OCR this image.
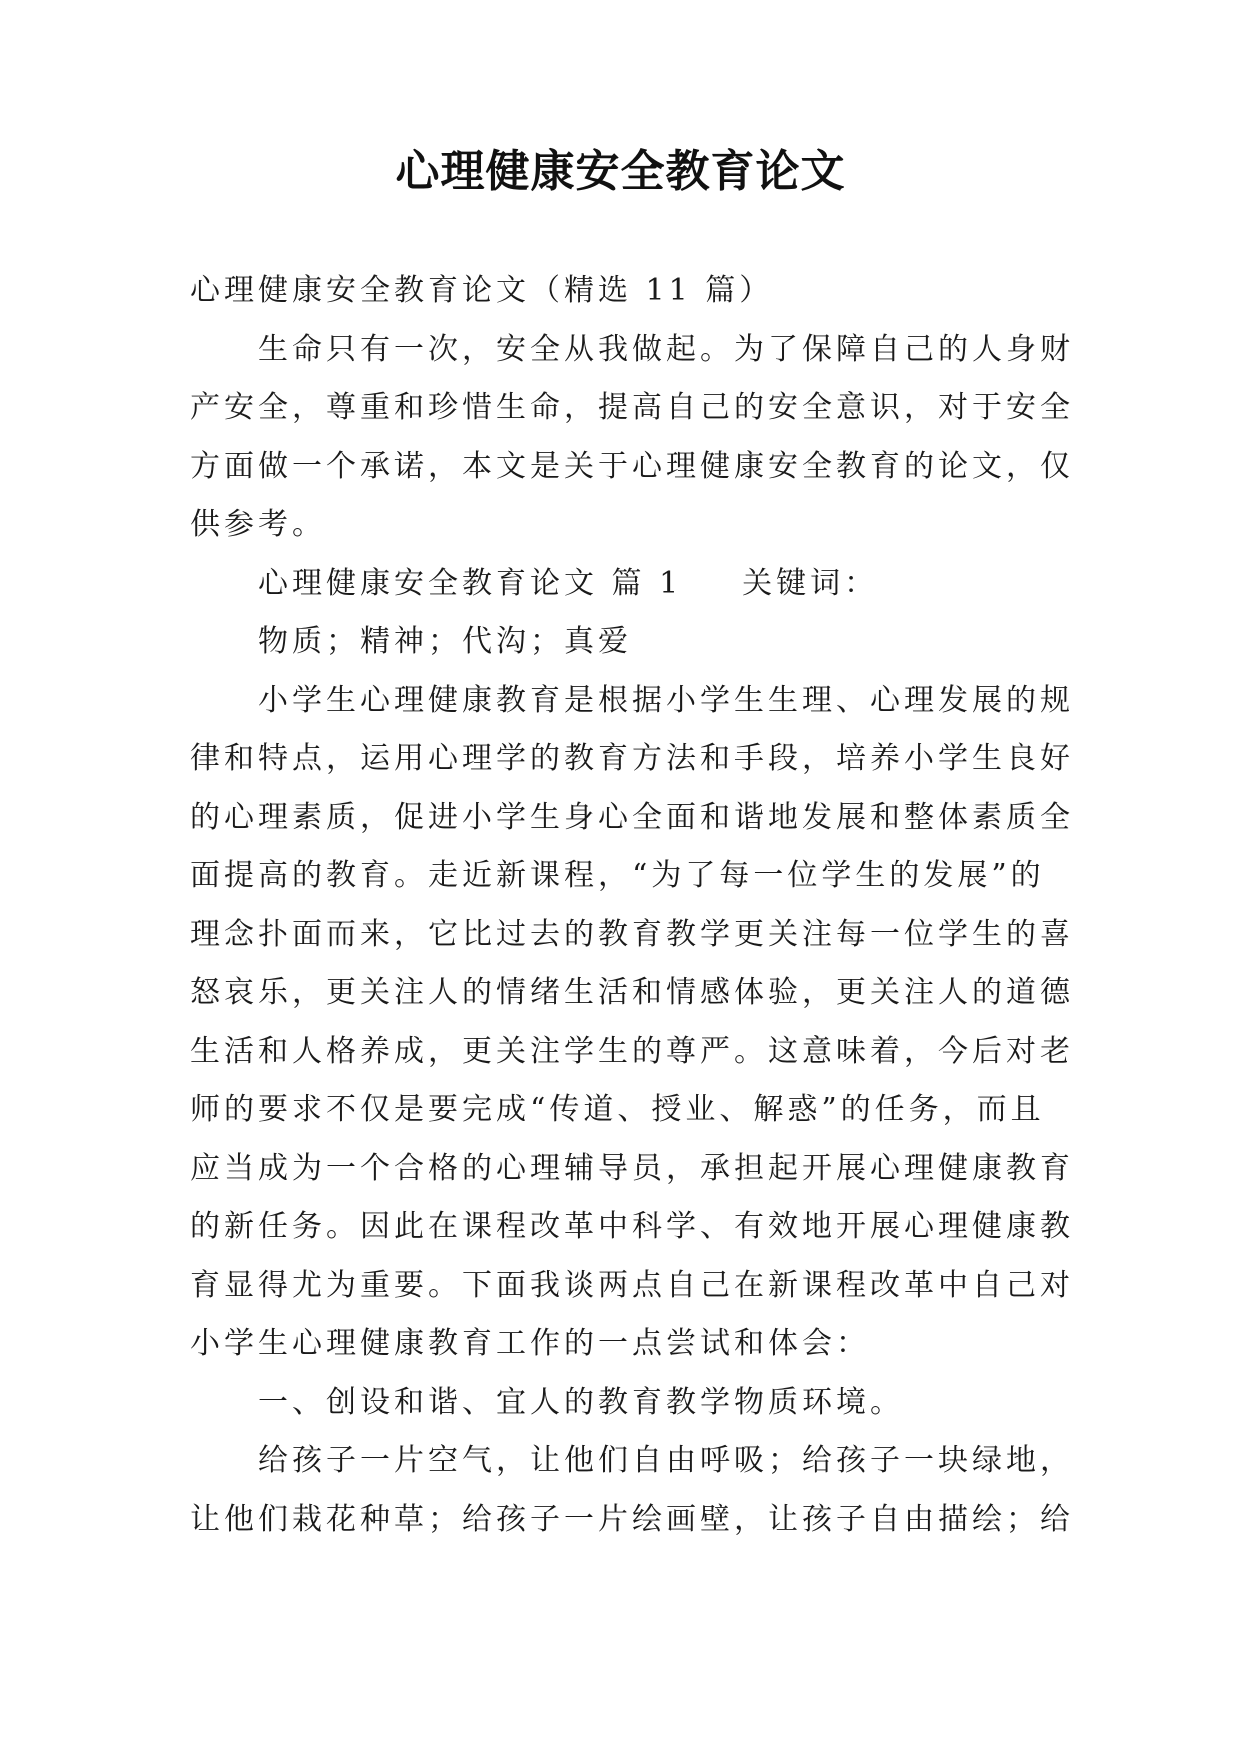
心理健康安全教育论文
心理健康安全教育论文（精选 11 篇）
生命只有一次，安全从我做起。为了保障自己的人身财
产安全，尊重和珍惜生命，提高自己的安全意识，对于安全
方面做一个承诺，本文是关于心理健康安全教育的论文，仅
供参考。
心理健康安全教育论文 篇 1 关键词：
物质；精神；代沟；真爱
小学生心理健康教育是根据小学生生理、心理发展的规
律和特点，运用心理学的教育方法和手段，培养小学生良好
的心理素质，促进小学生身心全面和谐地发展和整体素质全
面提高的教育。走近新课程，“为了每一位学生的发展”的
理念扑面而来，它比过去的教育教学更关注每一位学生的喜
怒哀乐，更关注人的情绪生活和情感体验，更关注人的道德
生活和人格养成，更关注学生的尊严。这意味着，今后对老
师的要求不仅是要完成“传道、授业、解惑”的任务，而且
应当成为一个合格的心理辅导员，承担起开展心理健康教育
的新任务。因此在课程改革中科学、有效地开展心理健康教
育显得尤为重要。下面我谈两点自己在新课程改革中自己对
小学生心理健康教育工作的一点尝试和体会：
一、创设和谐、宜人的教育教学物质环境。
给孩子一片空气，让他们自由呼吸；给孩子一块绿地，
让他们栽花种草；给孩子一片绘画壁，让孩子自由描绘；给
